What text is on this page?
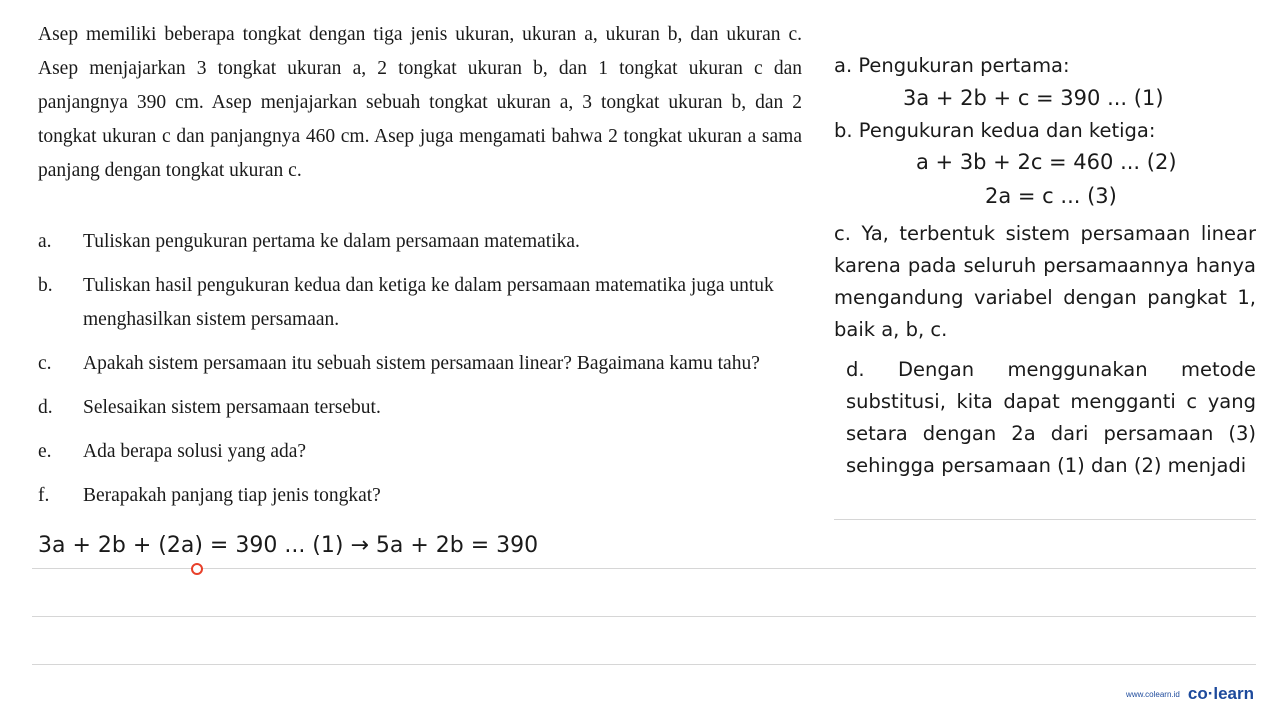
Asep memiliki beberapa tongkat dengan tiga jenis ukuran, ukuran a, ukuran b, dan ukuran c. Asep menjajarkan 3 tongkat ukuran a, 2 tongkat ukuran b, dan 1 tongkat ukuran c dan panjangnya 390 cm. Asep menjajarkan sebuah tongkat ukuran a, 3 tongkat ukuran b, dan 2 tongkat ukuran c dan panjangnya 460 cm. Asep juga mengamati bahwa 2 tongkat ukuran a sama panjang dengan tongkat ukuran c.

a.	Tuliskan pengukuran pertama ke dalam persamaan matematika.
b.	Tuliskan hasil pengukuran kedua dan ketiga ke dalam persamaan matematika juga untuk menghasilkan sistem persamaan.
c.	Apakah sistem persamaan itu sebuah sistem persamaan linear? Bagaimana kamu tahu?
d.	Selesaikan sistem persamaan tersebut.
e.	Ada berapa solusi yang ada?
f.	Berapakah panjang tiap jenis tongkat?
a. Pengukuran pertama:
3a + 2b + c = 390 ... (1)
b. Pengukuran kedua dan ketiga:
a + 3b + 2c = 460 ... (2)
2a = c ... (3)
c. Ya, terbentuk sistem persamaan linear karena pada seluruh persamaannya hanya mengandung variabel dengan pangkat 1, baik a, b, c.
d. Dengan menggunakan metode substitusi, kita dapat mengganti c yang setara dengan 2a dari persamaan (3) sehingga persamaan (1) dan (2) menjadi
3a + 2b + (2a) = 390 ... (1) → 5a + 2b = 390
www.colearn.id co·learn
